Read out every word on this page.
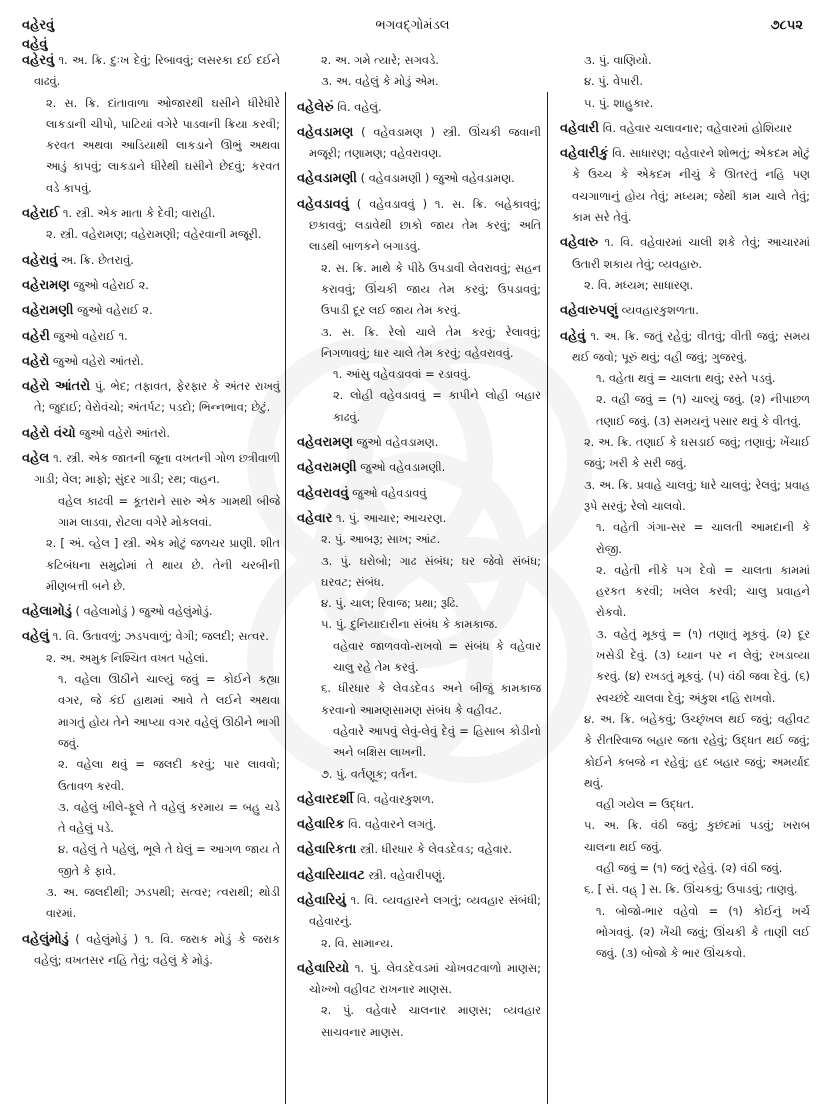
વહેરવું
વહેવું
ભગવદ્ગોમંડલ	૭૮૫૨
વહેરવું ૧. અ. ક્રિ. દુઃખ દેવું; રિબાવવું; લસરકા દઈ દઈને વાઢવું.
૨. સ. ક્રિ. દાંતાવાળા ઓજારથી ઘસીને ધીરેધીરે લાકડાની ચીપો, પાટિયાં વગેરે પાડવાની ક્રિયા કરવી; કરવત અથવા આડિયાથી લાકડાને ઊભું અથવા આડું કાપવું; લાકડાને ધીરેથી ઘસીને છેદવું; કરવત વડે કાપવું.
વહેરાઈ ૧. સ્ત્રી. એક માતા કે દેવી; વારાહી.
૨. સ્ત્રી. વહેરામણ; વહેરામણી; વહેરવાની મજૂરી.
વહેરાવું અ. ક્રિ. છેતરાવું.
વહેરામણ જુઓ વહેરાઈ ૨.
વહેરામણી જુઓ વહેરાઈ ૨.
વહેરી જુઓ વહેરાઈ ૧.
વહેરો જુઓ વહેરો આંતરો.
વહેરો આંતરો પું. ભેદ; તફાવત, ફેરફાર કે અંતર રાખવું તે; જુદાઈ; વેરોવંચો; અંતર્પટ; પડદો; ભિન્નભાવ; છેટું.
વહેરો વંચો જુઓ વહેરો આંતરો.
વહેલ ૧. સ્ત્રી. એક જાતની જૂના વખતની ગોળ છત્રીવાળી ગાડી; વેલ; માફો; સુંદર ગાડી; રથ; વાહન.
વહેલ કાઢવી = કૂતરાને સારુ એક ગામથી બીજે ગામ લાડવા, રોટલા વગેરે મોકલવાં.
૨. [ અં. વ્હેલ ] સ્ત્રી. એક મોટું જળચર પ્રાણી. શીત કટિબંધના સમુદ્રોમાં તે થાય છે. તેની ચરબીની મીણબત્તી બને છે.
વહેલામોડું ( વહેલામોડું ) જુઓ વહેલુંમોડું.
વહેલું ૧. વિ. ઉતાવળું; ઝડપવાળું; વેગી; જલદી; સત્વર.
૨. અ. અમુક નિશ્ચિત વખત પહેલાં.
૧. વહેલા ઊઠીને ચાલ્યું જવું = કોઈને કહ્યા વગર, જે કંઈ હાથમાં આવે તે લઈને અથવા માગતું હોય તેને આપ્યા વગર વહેલું ઊઠીને ભાગી જવું.
૨. વહેલા થવું = જલદી કરવું; પાર લાવવો; ઉતાવળ કરવી.
૩. વહેલું ખીલે-ફૂલે તે વહેલું કરમાય = બહુ ચડે તે વહેલું પડે.
૪. વહેલું તે પહેલું, ભૂલે તે ઘેલું = આગળ જાય તે જીતે કે ફાવે.
૩. અ. જલદીથી; ઝડપથી; સત્વર; ત્વરાથી; થોડી વારમાં.
વહેલુંમોડું ( વહેલુંમોડું ) ૧. વિ. જરાક મોડું કે જરાક વહેલું; વખતસર નહિ તેવું; વહેલું કે મોડું.
૨. અ. ગમે ત્યારે; સગવડે.
૩. અ. વહેલું કે મોડું એમ.
વહેલેરું વિ. વહેલું.
વહેવડામણ ( વહેવડામણ ) સ્ત્રી. ઊંચકી જવાની મજૂરી; તણામણ; વહેવરાવણ.
વહેવડામણી ( વહેવડામણી ) જુઓ વહેવડામણ.
વહેવડાવવું ( વહેવડાવવું ) ૧. સ. ક્રિ. બહેકાવવું; છકાવવું; લડાવેથી છાકો જાય તેમ કરવું; અતિ લાડથી બાળકને બગાડવું.
૨. સ. ક્રિ. માથે કે પીઠે ઉપડાવી લેવરાવવું; સહન કરાવવું; ઊંચકી જાય તેમ કરવું; ઉપડાવવું; ઉપાડી દૂર લઈ જાય તેમ કરવું.
૩. સ. ક્રિ. રેલો ચાલે તેમ કરવું; રેલાવવું; નિગળાવવું; ધાર ચાલે તેમ કરવું; વહેવરાવવું.
૧. આંસુ વહેવડાવવાં = રડાવવું.
૨. લોહી વહેવડાવવું = કાપીને લોહી બહાર કાઢવું.
વહેવરામણ જુઓ વહેવડામણ.
વહેવરામણી જુઓ વહેવડામણી.
વહેવરાવવું જુઓ વહેવડાવવું
વહેવાર ૧. પું. આચાર; આચરણ.
૨. પું. આબરૂ; સાખ; આંટ.
૩. પું. ઘરોબો; ગાઢ સંબંધ; ઘર જેવો સંબંધ; ઘરવટ; સંબંધ.
૪. પું. ચાલ; રિવાજ; પ્રથા; રૂઢિ.
૫. પું. દુનિયાદારીના સંબંધ કે કામકાજ.
વહેવાર જાળવવો-રાખવો = સંબંધ કે વહેવાર ચાલુ રહે તેમ કરવું.
૬. ધીરધાર કે લેવડદેવડ અને બીજું કામકાજ કરવાનો આમણસામણ સંબંધ કે વહીવટ.
વહેવારે આપવું લેવું-લેવું દેવું = હિસાબ કોડીનો અને બક્ષિસ લાખની.
૭. પું. વર્તણૂક; વર્તન.
વહેવારદર્શી વિ. વહેવારકુશળ.
વહેવારિક વિ. વહેવારને લગતું.
વહેવારિકતા સ્ત્રી. ધીરધાર કે લેવડદેવડ; વહેવાર.
વહેવારિયાવટ સ્ત્રી. વહેવારીપણું.
વહેવારિયું ૧. વિ. વ્યવહારને લગતું; વ્યવહાર સંબંધી; વહેવારનું.
૨. વિ. સામાન્ય.
વહેવારિયો ૧. પું. લેવડદેવડમાં ચોખવટવાળો માણસ; ચોખ્ખો વહીવટ રાખનાર માણસ.
૨. પું. વહેવારે ચાલનાર માણસ; વ્યવહાર સાચવનાર માણસ.
૩. પું. વાણિયો.
૪. પું. વેપારી.
૫. પું. શાહુકાર.
વહેવારી વિ. વહેવાર ચલાવનાર; વહેવારમાં હોશિયાર
વહેવારીકું વિ. સાધારણ; વહેવારને શોભતું; એકદમ મોટું કે ઉચ્ચ કે એકદમ નીચું કે ઊતરતું નહિ પણ વચગાળાનું હોય તેવું; મધ્યમ; જેથી કામ ચાલે તેવું; કામ સરે તેવું.
વહેવારુ ૧. વિ. વહેવારમાં ચાલી શકે તેવું; આચારમાં ઉતારી શકાય તેવું; વ્યવહારુ.
૨. વિ. મધ્યમ; સાધારણ.
વહેવારુપણું વ્યવહારકુશળતા.
વહેવું ૧. અ. ક્રિ. જતું રહેવું; વીતવું; વીતી જવું; સમય થઈ જવો; પૂરું થવું; વહી જવું; ગુજરવું.
૧. વહેતા થવું = ચાલતા થવું; રસ્તે પડવું.
૨. વહી જવું = (૧) ચાલ્યું જવું. (૨) નીપાછળ તણાઈ જવું. (૩) સમયનું પસાર થવું કે વીતવું.
૨. અ. ક્રિ. તણાઈ કે ઘસડાઈ જવું; તણાવું; ખેંચાઈ જવું; ખરી કે સરી જવું.
૩. અ. ક્રિ. પ્રવાહે ચાલવું; ધારે ચાલવું; રેલવું; પ્રવાહ રૂપે સરવું; રેલો ચાલવો.
૧. વહેતી ગંગા-સર = ચાલતી આમદાની કે રોજી.
૨. વહેતી નીકે પગ દેવો = ચાલતા કામમાં હરકત કરવી; ખલેલ કરવી; ચાલુ પ્રવાહને રોકવો.
૩. વહેતું મૂકવું = (૧) તણાતું મૂકવું. (૨) દૂર ખસેડી દેવું. (૩) ધ્યાન પર ન લેવું; રખડાવ્યા કરવું. (૪) રખડતું મૂકવું. (૫) વંઠી જવા દેવું. (૬) સ્વચ્છંદે ચાલવા દેવું; અંકુશ નહિ રાખવો.
૪. અ. ક્રિ. બહેકવું; ઉચ્છૃંખલ થઈ જવું; વહીવટ કે રીતરિવાજ બહાર જતા રહેવું; ઉદ્ધત થઈ જવું; કોઈને કબજે ન રહેવું; હદ બહાર જવું; અમર્યાદ થવું.
વહી ગયેલ = ઉદ્ધત.
૫. અ. ક્રિ. વંઠી જવું; કુછંદમાં પડવું; ખરાબ ચાલના થઈ જવું.
વહી જવું = (૧) જતું રહેવું. (૨) વંઠી જવું.
૬. [ સં. વહ્ ] સ. ક્રિ. ઊંચકવું; ઉપાડવું; તાણવું.
૧. બોજો-ભાર વહેવો = (૧) કોઈનું ખર્ચ ભોગવવું. (૨) ખેંચી જવું; ઊંચકી કે તાણી લઈ જવું. (૩) બોજો કે ભાર ઊંચકવો.
